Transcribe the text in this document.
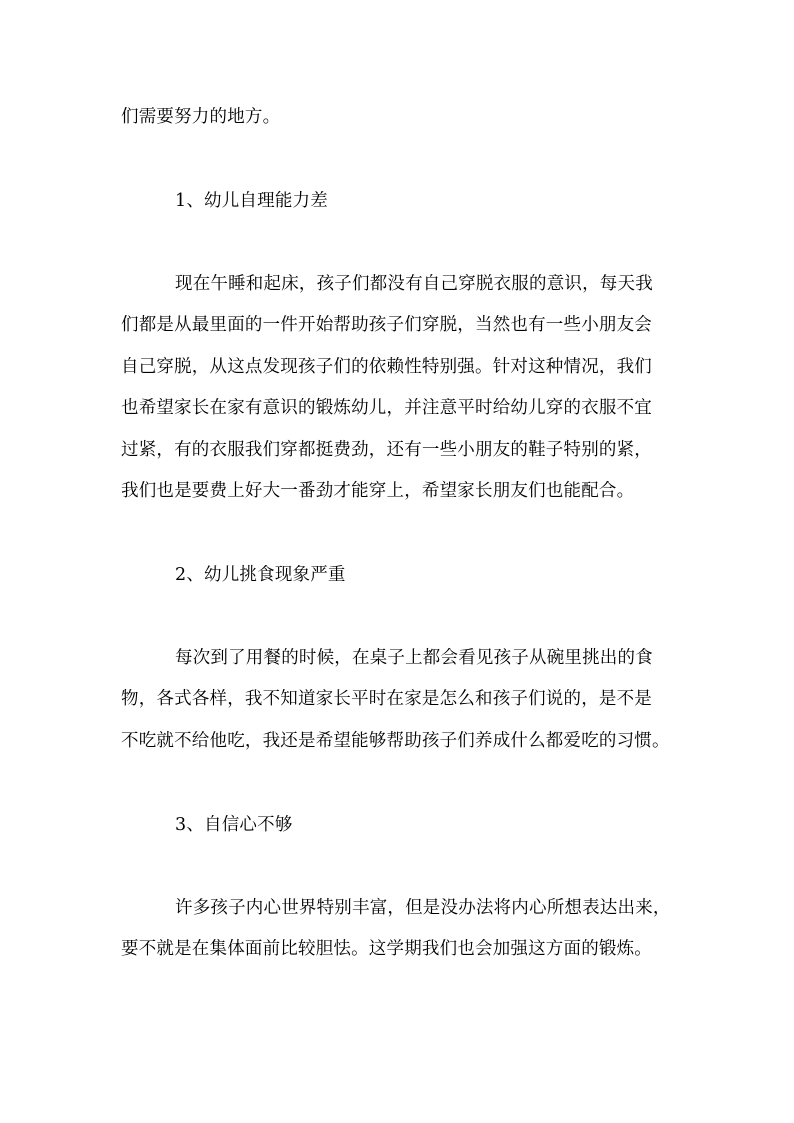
们需要努力的地方。
1、幼儿自理能力差
现在午睡和起床，孩子们都没有自己穿脱衣服的意识，每天我
们都是从最里面的一件开始帮助孩子们穿脱，当然也有一些小朋友会
自己穿脱，从这点发现孩子们的依赖性特别强。针对这种情况，我们
也希望家长在家有意识的锻炼幼儿，并注意平时给幼儿穿的衣服不宜
过紧，有的衣服我们穿都挺费劲，还有一些小朋友的鞋子特别的紧，
我们也是要费上好大一番劲才能穿上，希望家长朋友们也能配合。
2、幼儿挑食现象严重
每次到了用餐的时候，在桌子上都会看见孩子从碗里挑出的食
物，各式各样，我不知道家长平时在家是怎么和孩子们说的，是不是
不吃就不给他吃，我还是希望能够帮助孩子们养成什么都爱吃的习惯。
3、自信心不够
许多孩子内心世界特别丰富，但是没办法将内心所想表达出来，
要不就是在集体面前比较胆怯。这学期我们也会加强这方面的锻炼。
